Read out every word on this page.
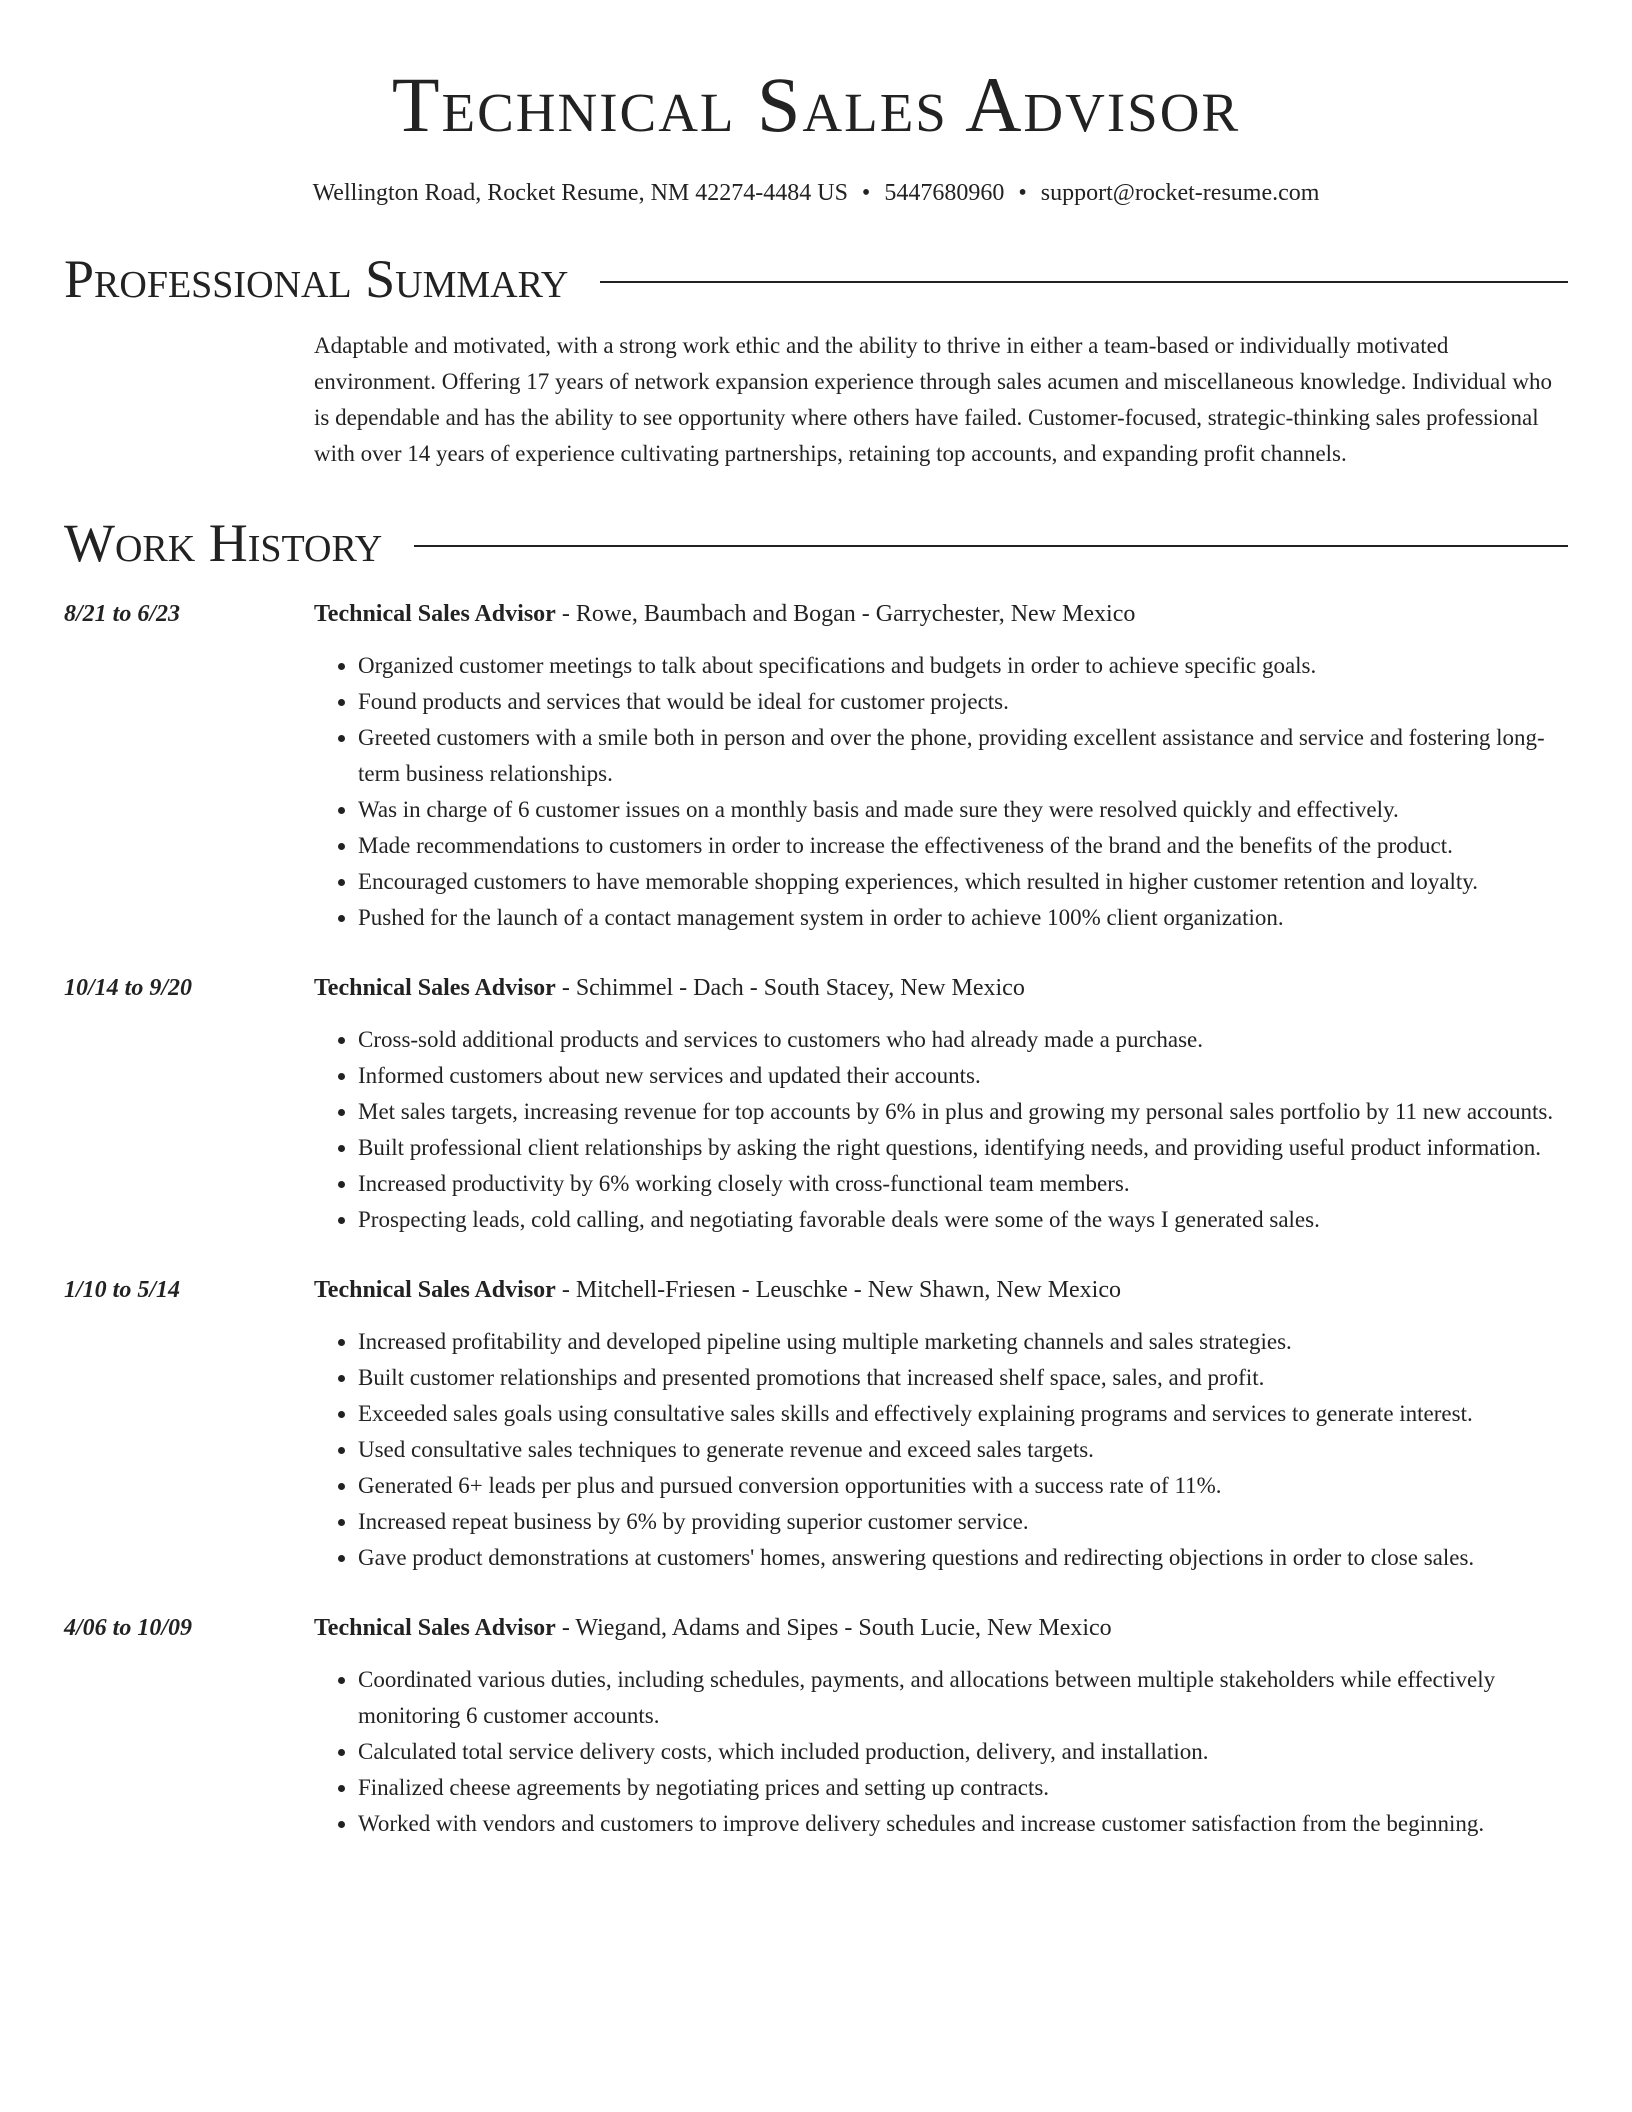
Technical Sales Advisor
Wellington Road, Rocket Resume, NM 42274-4484 US • 5447680960 • support@rocket-resume.com
Professional Summary
Adaptable and motivated, with a strong work ethic and the ability to thrive in either a team-based or individually motivated environment. Offering 17 years of network expansion experience through sales acumen and miscellaneous knowledge. Individual who is dependable and has the ability to see opportunity where others have failed. Customer-focused, strategic-thinking sales professional with over 14 years of experience cultivating partnerships, retaining top accounts, and expanding profit channels.
Work History
8/21 to 6/23	Technical Sales Advisor - Rowe, Baumbach and Bogan - Garrychester, New Mexico
• Organized customer meetings to talk about specifications and budgets in order to achieve specific goals.
• Found products and services that would be ideal for customer projects.
• Greeted customers with a smile both in person and over the phone, providing excellent assistance and service and fostering long-term business relationships.
• Was in charge of 6 customer issues on a monthly basis and made sure they were resolved quickly and effectively.
• Made recommendations to customers in order to increase the effectiveness of the brand and the benefits of the product.
• Encouraged customers to have memorable shopping experiences, which resulted in higher customer retention and loyalty.
• Pushed for the launch of a contact management system in order to achieve 100% client organization.
10/14 to 9/20	Technical Sales Advisor - Schimmel - Dach - South Stacey, New Mexico
• Cross-sold additional products and services to customers who had already made a purchase.
• Informed customers about new services and updated their accounts.
• Met sales targets, increasing revenue for top accounts by 6% in plus and growing my personal sales portfolio by 11 new accounts.
• Built professional client relationships by asking the right questions, identifying needs, and providing useful product information.
• Increased productivity by 6% working closely with cross-functional team members.
• Prospecting leads, cold calling, and negotiating favorable deals were some of the ways I generated sales.
1/10 to 5/14	Technical Sales Advisor - Mitchell-Friesen - Leuschke - New Shawn, New Mexico
• Increased profitability and developed pipeline using multiple marketing channels and sales strategies.
• Built customer relationships and presented promotions that increased shelf space, sales, and profit.
• Exceeded sales goals using consultative sales skills and effectively explaining programs and services to generate interest.
• Used consultative sales techniques to generate revenue and exceed sales targets.
• Generated 6+ leads per plus and pursued conversion opportunities with a success rate of 11%.
• Increased repeat business by 6% by providing superior customer service.
• Gave product demonstrations at customers' homes, answering questions and redirecting objections in order to close sales.
4/06 to 10/09	Technical Sales Advisor - Wiegand, Adams and Sipes - South Lucie, New Mexico
• Coordinated various duties, including schedules, payments, and allocations between multiple stakeholders while effectively monitoring 6 customer accounts.
• Calculated total service delivery costs, which included production, delivery, and installation.
• Finalized cheese agreements by negotiating prices and setting up contracts.
• Worked with vendors and customers to improve delivery schedules and increase customer satisfaction from the beginning.
